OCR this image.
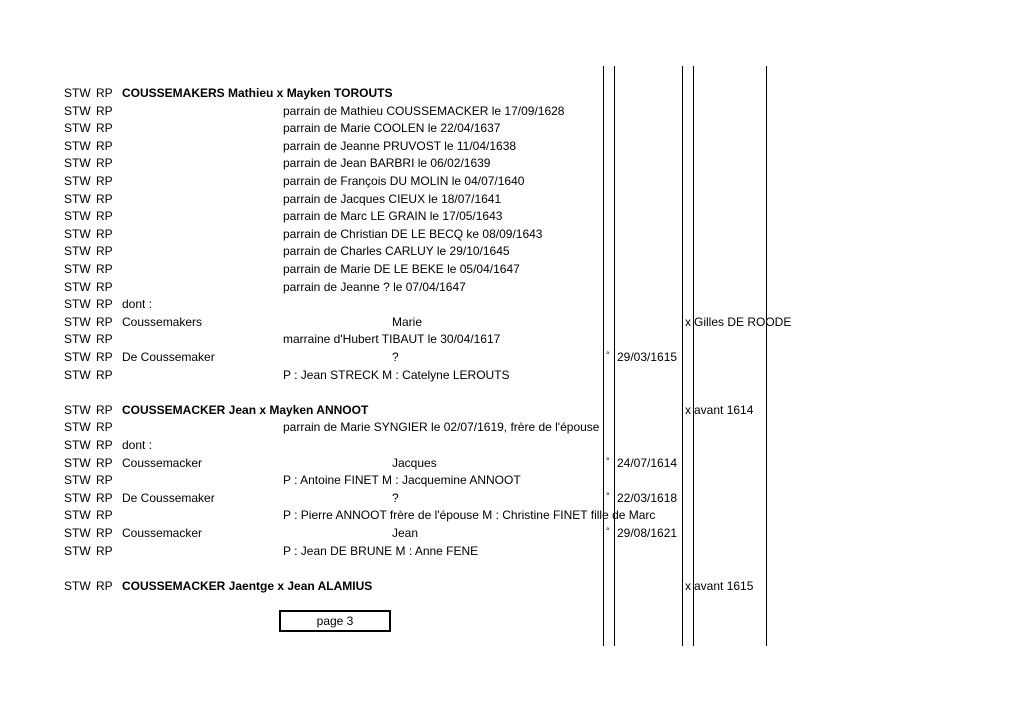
STW RP COUSSEMAKERS Mathieu x Mayken TOROUTS
STW RP	parrain de Mathieu COUSSEMACKER le 17/09/1628
STW RP	parrain de Marie COOLEN le 22/04/1637
STW RP	parrain de Jeanne PRUVOST le 11/04/1638
STW RP	parrain de Jean BARBRI le 06/02/1639
STW RP	parrain de François DU MOLIN le 04/07/1640
STW RP	parrain de Jacques CIEUX le 18/07/1641
STW RP	parrain de Marc LE GRAIN le 17/05/1643
STW RP	parrain de Christian DE LE BECQ ke 08/09/1643
STW RP	parrain de Charles CARLUY le 29/10/1645
STW RP	parrain de Marie DE LE BEKE le 05/04/1647
STW RP	parrain de Jeanne ? le 07/04/1647
STW RP dont :
STW RP Coussemakers	Marie	x Gilles DE ROODE
STW RP	marraine d'Hubert TIBAUT le 30/04/1617
STW RP De Coussemaker	?	° 29/03/1615
STW RP	P : Jean STRECK M : Catelyne LEROUTS
STW RP COUSSEMACKER Jean x Mayken ANNOOT	x avant 1614
STW RP	parrain de Marie SYNGIER le 02/07/1619, frère de l'épouse
STW RP dont :
STW RP Coussemacker	Jacques	° 24/07/1614
STW RP	P : Antoine FINET M : Jacquemine ANNOOT
STW RP De Coussemaker	?	° 22/03/1618
STW RP	P : Pierre ANNOOT frère de l'épouse M : Christine FINET fille de Marc
STW RP Coussemacker	Jean	° 29/08/1621
STW RP	P : Jean DE BRUNE M : Anne FENE
STW RP COUSSEMACKER Jaentge x Jean ALAMIUS	x avant 1615
page 3
